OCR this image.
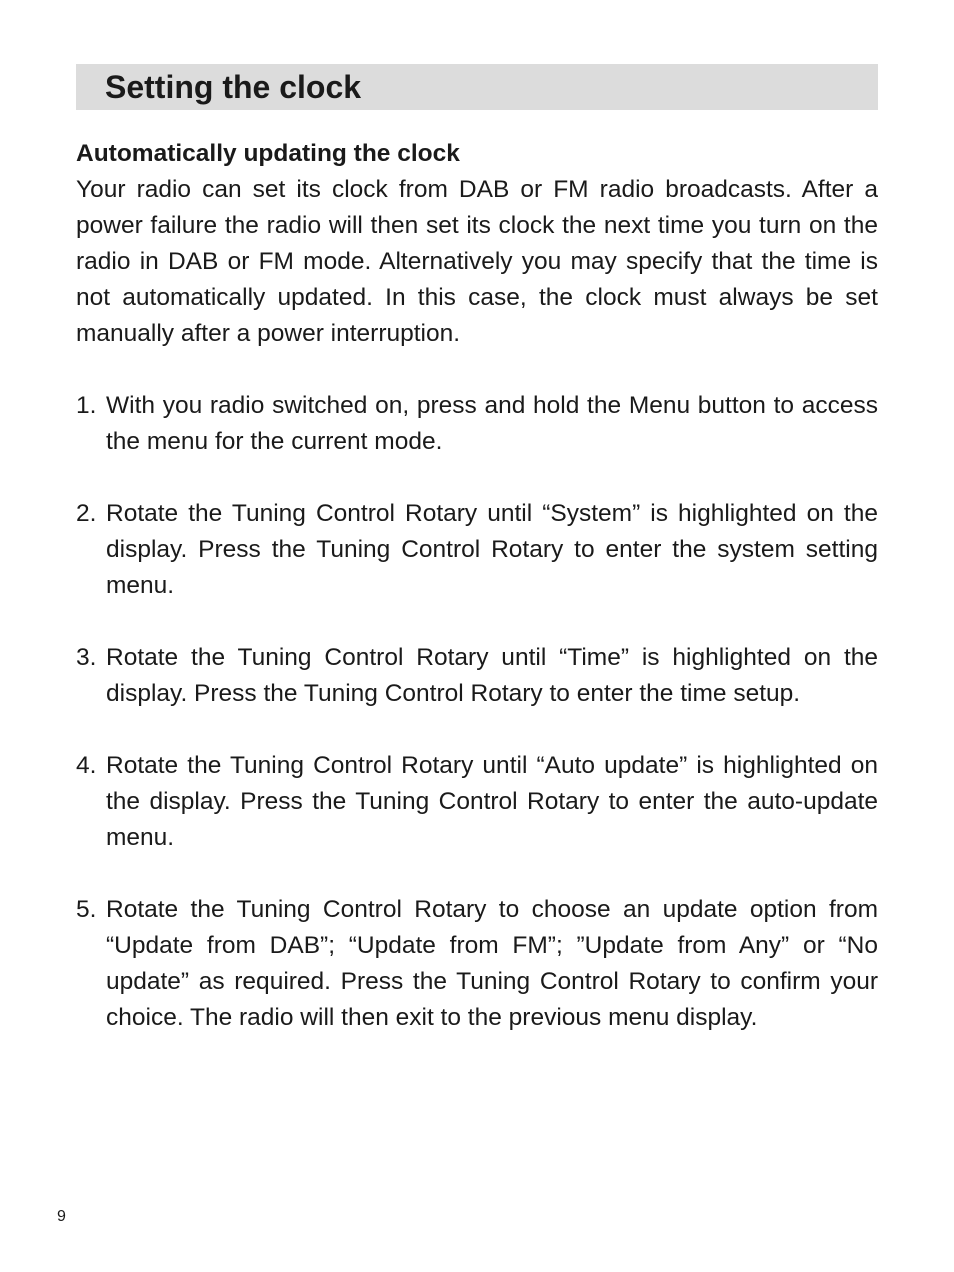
Setting the clock
Automatically updating the clock

Your radio can set its clock from DAB or FM radio broadcasts. After a power failure the radio will then set its clock the next time you turn on the radio in DAB or FM mode. Alternatively you may specify that the time is not automatically updated. In this case, the clock must always be set manually after a power interruption.

1. With you radio switched on, press and hold the Menu button to access the menu for the current mode.
2. Rotate the Tuning Control Rotary until “System” is highlighted on the display. Press the Tuning Control Rotary to enter the system setting menu.
3. Rotate the Tuning Control Rotary until “Time” is highlighted on the display. Press the Tuning Control Rotary to enter the time setup.
4. Rotate the Tuning Control Rotary until “Auto update” is highlighted on the display. Press the Tuning Control Rotary to enter the auto-update menu.
5. Rotate the Tuning Control Rotary to choose an update option from “Update from DAB”; “Update from FM”; ”Update from Any” or “No update” as required. Press the Tuning Control Rotary to confirm your choice. The radio will then exit to the previous menu display.
9
